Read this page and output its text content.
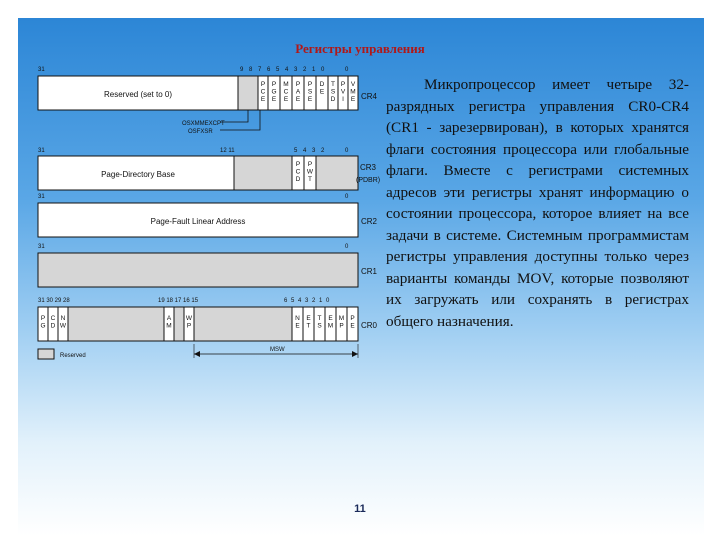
Регистры управления
31	9 8 7 6 5 4 3 2 1 0	0
Reserved (set to 0)
P C E
P G E
M C E
P A E
P S E
D E
T S D
P V I
V M E CR4
OSXMMEXCPT
OSFXSR
31	12 11	5 4 3 2	0
Page-Directory Base
P C D
P W T
CR3
(PDBR)
31	0
Page-Fault Linear Address	CR2
31	0
CR1
31 30 29 28	19 18 17 16 15	6 5 4 3 2 1 0
P G
C D
N W
A M
W P
N E
E T
T S
E M
M P
P E CR0
Reserved
MSW

Микропроцессор имеет четыре 32-разрядных регистра управления CR0-CR4 (CR1 - зарезервирован), в которых хранятся флаги состояния процессора или глобальные флаги. Вместе с регистрами системных адресов эти регистры хранят информацию о состоянии процессора, которое влияет на все задачи в системе. Системным программистам регистры управления доступны только через варианты команды MOV, которые позволяют их загружать или сохранять в регистрах общего назначения.

11
